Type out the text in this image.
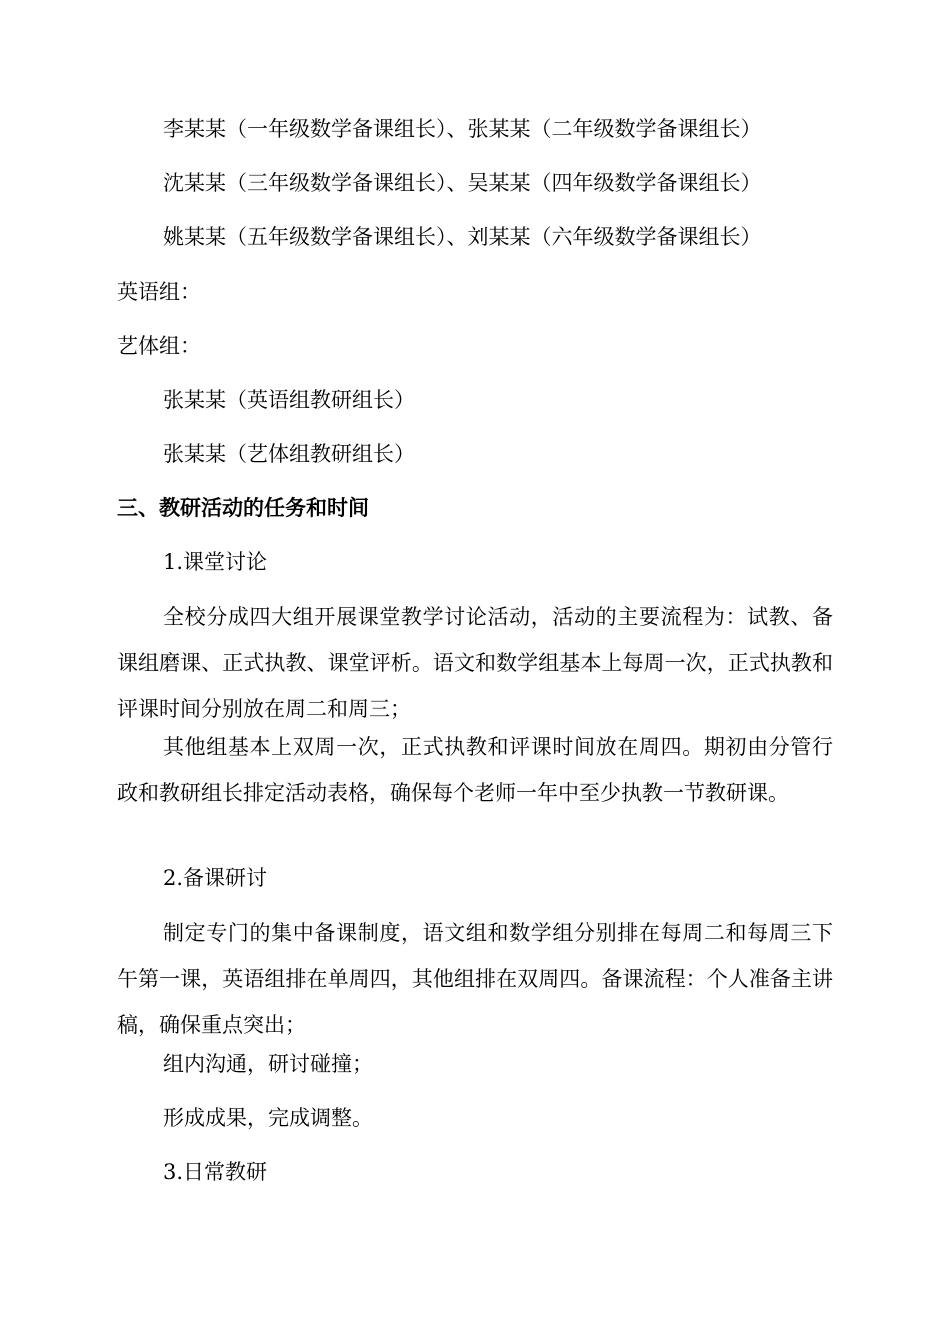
李某某（一年级数学备课组长）、张某某（二年级数学备课组长）

沈某某（三年级数学备课组长）、吴某某（四年级数学备课组长）

姚某某（五年级数学备课组长）、刘某某（六年级数学备课组长）

英语组：

艺体组：

张某某（英语组教研组长）

张某某（艺体组教研组长）

三、教研活动的任务和时间

1.课堂讨论

全校分成四大组开展课堂教学讨论活动，活动的主要流程为：试教、备课组磨课、正式执教、课堂评析。语文和数学组基本上每周一次，正式执教和评课时间分别放在周二和周三；

其他组基本上双周一次，正式执教和评课时间放在周四。期初由分管行政和教研组长排定活动表格，确保每个老师一年中至少执教一节教研课。

2.备课研讨

制定专门的集中备课制度，语文组和数学组分别排在每周二和每周三下午第一课，英语组排在单周四，其他组排在双周四。备课流程：个人准备主讲稿，确保重点突出；

组内沟通，研讨碰撞；

形成成果，完成调整。

3.日常教研
